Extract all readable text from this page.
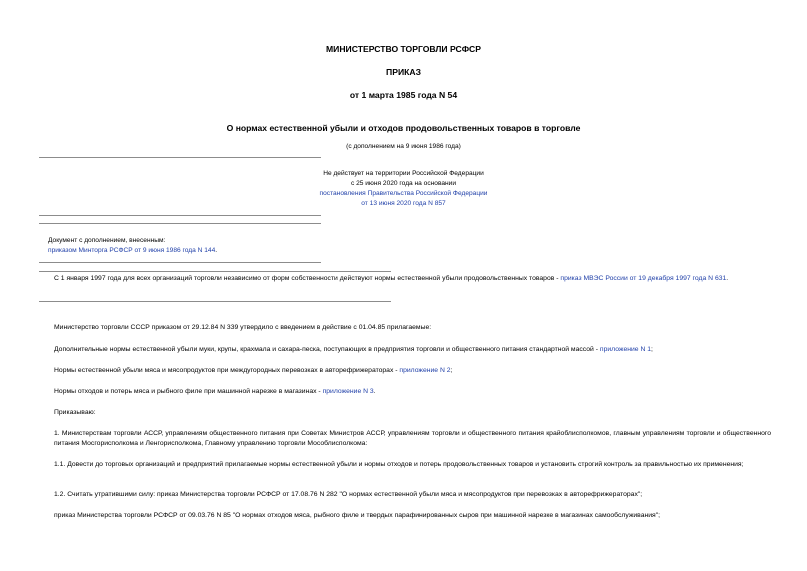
МИНИСТЕРСТВО ТОРГОВЛИ РСФСР
ПРИКАЗ
от 1 марта 1985 года N 54
О нормах естественной убыли и отходов продовольственных товаров в торговле
(с дополнением на 9 июня 1986 года)
Не действует на территории Российской Федерации
с 25 июня 2020 года на основании
постановления Правительства Российской Федерации
от 13 июня 2020 года N 857
Документ с дополнением, внесенным:
приказом Минторга РСФСР от 9 июня 1986 года N 144.

С 1 января 1997 года для всех организаций торговли независимо от форм собственности действуют нормы естественной убыли продовольственных товаров - приказ МВЭС России от 19 декабря 1997 года N 631.

Министерство торговли СССР приказом от 29.12.84 N 339 утвердило с введением в действие с 01.04.85 прилагаемые:

Дополнительные нормы естественной убыли муки, крупы, крахмала и сахара-песка, поступающих в предприятия торговли и общественного питания стандартной массой - приложение N 1;

Нормы естественной убыли мяса и мясопродуктов при междугородных перевозках в авторефрижераторах - приложение N 2;

Нормы отходов и потерь мяса и рыбного филе при машинной нарезке в магазинах - приложение N 3.

Приказываю:

1. Министерствам торговли АССР, управлениям общественного питания при Советах Министров АССР, управлениям торговли и общественного питания крайоблисполкомов, главным управлениям торговли и общественного питания Мосгорисполкома и Ленгорисполкома, Главному управлению торговли Мособлисполкома:

1.1. Довести до торговых организаций и предприятий прилагаемые нормы естественной убыли и нормы отходов и потерь продовольственных товаров и установить строгий контроль за правильностью их применения;

1.2. Считать утратившими силу: приказ Министерства торговли РСФСР от 17.08.76 N 282 "О нормах естественной убыли мяса и мясопродуктов при перевозках в авторефрижераторах";

приказ Министерства торговли РСФСР от 09.03.76 N 85 "О нормах отходов мяса, рыбного филе и твердых парафинированных сыров при машинной нарезке в магазинах самообслуживания";
